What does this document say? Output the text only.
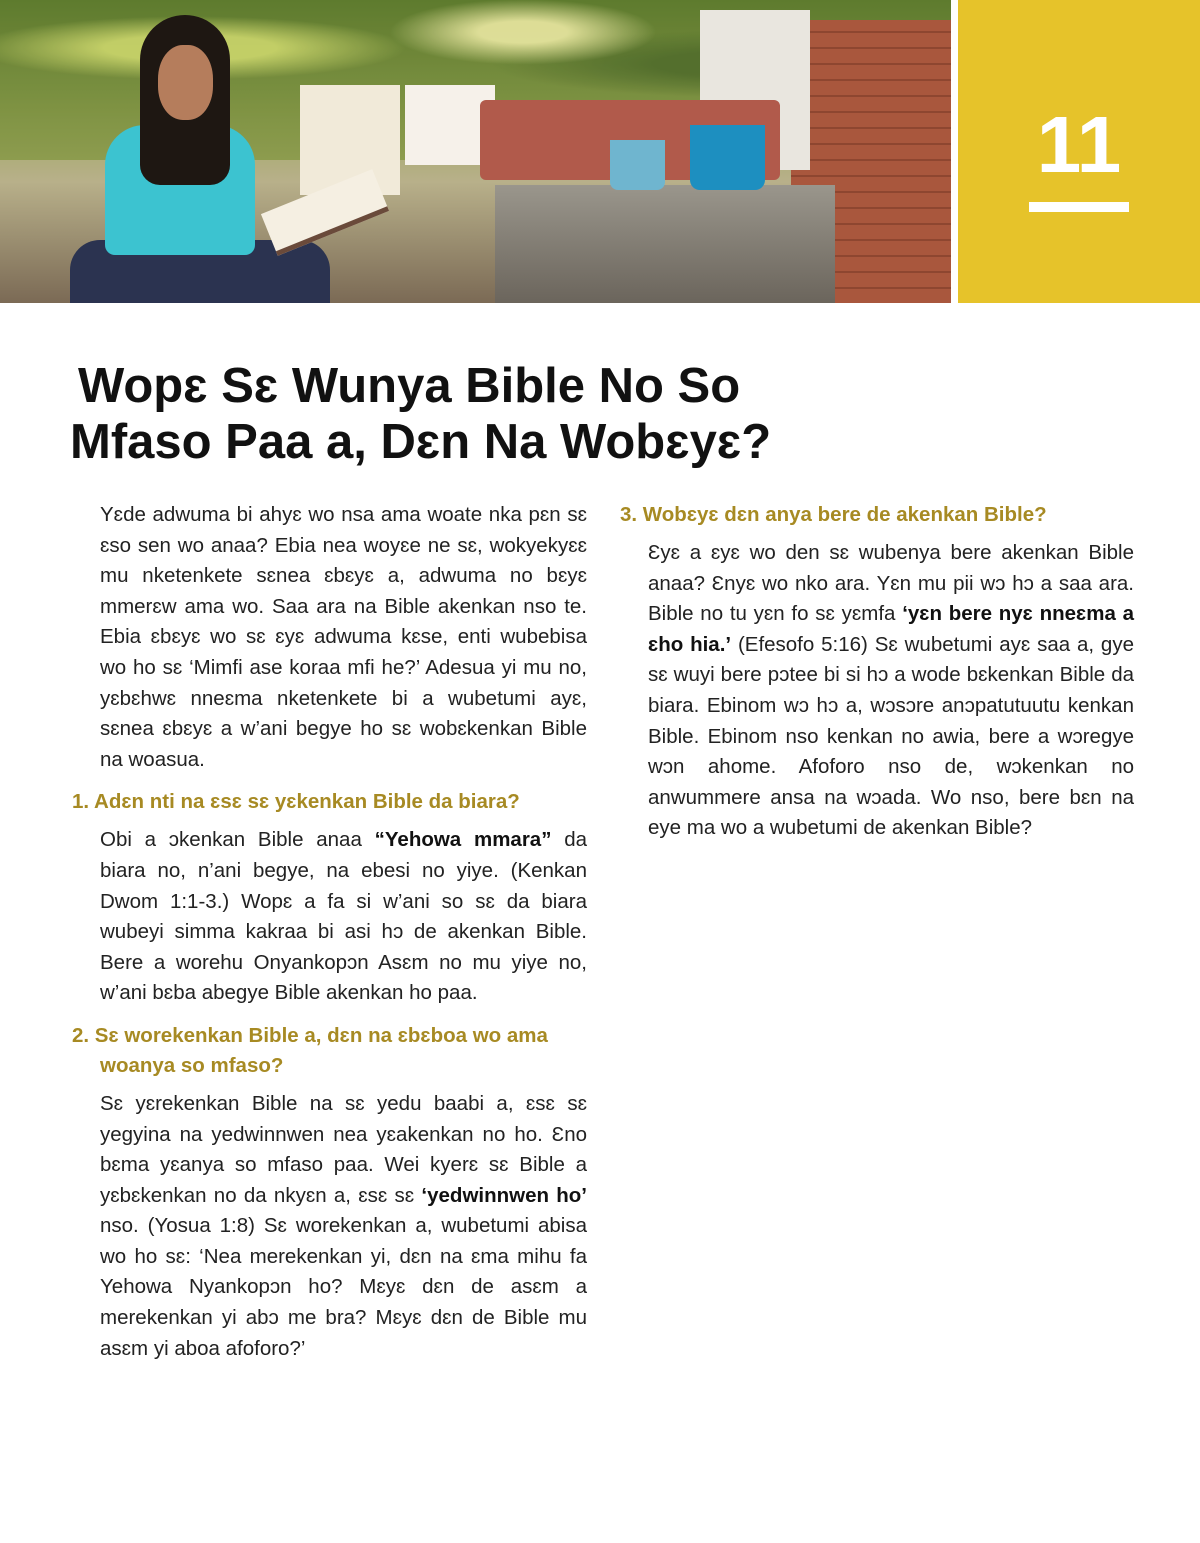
11
Wopɛ Sɛ Wunya Bible No So
Mfaso Paa a, Dɛn Na Wobɛyɛ?

Yɛde adwuma bi ahyɛ wo nsa ama woate nka pɛn sɛ ɛso sen wo anaa? Ebia nea woyɛe ne sɛ, wokyekyɛɛ mu nketenkete sɛnea ɛbɛyɛ a, adwuma no bɛyɛ mmerɛw ama wo. Saa ara na Bible akenkan nso te. Ebia ɛbɛyɛ wo sɛ ɛyɛ adwuma kɛse, enti wubebisa wo ho sɛ ‘Mimfi ase koraa mfi he?’ Adesua yi mu no, yɛbɛhwɛ nneɛma nketenkete bi a wubetumi ayɛ, sɛnea ɛbɛyɛ a w’ani begye ho sɛ wobɛkenkan Bible na woasua.

1. Adɛn nti na ɛsɛ sɛ yɛkenkan Bible da biara?

Obi a ɔkenkan Bible anaa “Yehowa mmara” da biara no, n’ani begye, na ebesi no yiye. (Kenkan Dwom 1:1-3.) Wopɛ a fa si w’ani so sɛ da biara wubeyi simma kakraa bi asi hɔ de akenkan Bible. Bere a worehu Onyankopɔn Asɛm no mu yiye no, w’ani bɛba abegye Bible akenkan ho paa.

2. Sɛ worekenkan Bible a, dɛn na ɛbɛboa wo ama woanya so mfaso?

Sɛ yɛrekenkan Bible na sɛ yedu baabi a, ɛsɛ sɛ yegyina na yedwinnwen nea yɛakenkan no ho. Ɛno bɛma yɛanya so mfaso paa. Wei kyerɛ sɛ Bible a yɛbɛkenkan no da nkyɛn a, ɛsɛ sɛ ‘yedwinnwen ho’ nso. (Yosua 1:8) Sɛ worekenkan a, wubetumi abisa wo ho sɛ: ‘Nea merekenkan yi, dɛn na ɛma mihu fa Yehowa Nyankopɔn ho? Mɛyɛ dɛn de asɛm a merekenkan yi abɔ me bra? Mɛyɛ dɛn de Bible mu asɛm yi aboa afoforo?’

3. Wobɛyɛ dɛn anya bere de akenkan Bible?

Ɛyɛ a ɛyɛ wo den sɛ wubenya bere akenkan Bible anaa? Ɛnyɛ wo nko ara. Yɛn mu pii wɔ hɔ a saa ara. Bible no tu yɛn fo sɛ yɛmfa ‘yɛn bere nyɛ nneɛma a ɛho hia.’ (Efesofo 5:16) Sɛ wubetumi ayɛ saa a, gye sɛ wuyi bere pɔtee bi si hɔ a wode bɛkenkan Bible da biara. Ebinom wɔ hɔ a, wɔsɔre anɔpatutuutu kenkan Bible. Ebinom nso kenkan no awia, bere a wɔregye wɔn ahome. Afoforo nso de, wɔkenkan no anwummere ansa na wɔada. Wo nso, bere bɛn na eye ma wo a wubetumi de akenkan Bible?
